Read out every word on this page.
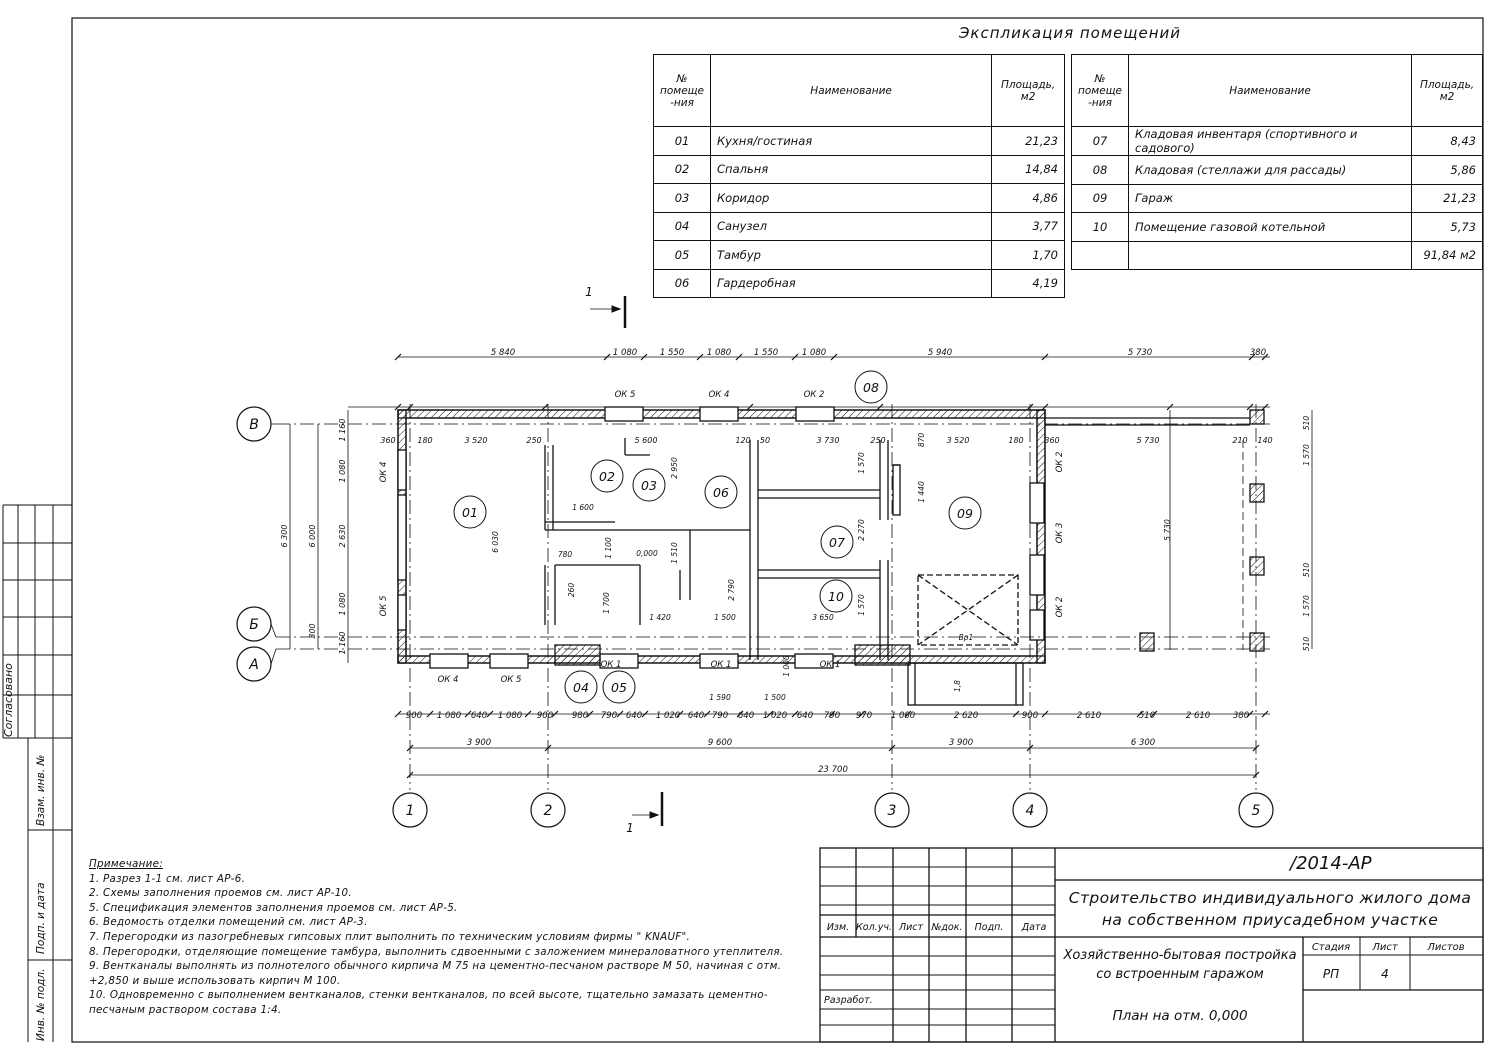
Экспликация помещений
№ помеще -ния	Наименование	Площадь, м2
01	Кухня/гостиная	21,23
02	Спальня	14,84
03	Коридор	4,86
04	Санузел	3,77
05	Тамбур	1,70
06	Гардеробная	4,19
№ помеще -ния	Наименование	Площадь, м2
07	Кладовая инвентаря (спортивного и садового)	8,43
08	Кладовая (стеллажи для рассады)	5,86
09	Гараж	21,23
10	Помещение газовой котельной	5,73
		91,84 м2
В
Б
А
1	2	3	4	5
01
02
03
04 05
06
07
08
09
10
5 840	1 080	1 550	1 080	1 550	1 080	5 940	5 730	380
360	180	3 520	250	5 600	120 50	3 730	250	3 520	180	360	5 730	210 140
ОК 5	ОК 4	ОК 2
ОК 4
ОК 5
ОК 2
ОК 3
ОК 2
ОК 4	ОК 5
ОК 1	ОК 1	ОК 1
900 1 080 640 1 080 900 980 790 640 1 020 640 790 640 1 020 640 790 970 1 080	2 620	900	2 610	510	2 610	380
3 900	9 600	3 900	6 300
23 700
6 300 6 000
1 160
1 080
2 630
1 080
1 160
300
6 030
1 600
1 100
780
260
1 700
1 420	1 500	3 650
1 510
1 590	1 500
0,000
2 950	1 570
1 440
2 270
1 570
2 790
870
1 000
5 730
Вр1
1,8
1
1
510
1 570
510
1 570
510
Согласовано
Взам. инв. №
Подп. и дата
Инв. № подл.
Изм. Кол.уч. Лист №док. Подп. Дата
Разработ.
Стадия Лист	Листов
РП	4
/2014-АР
Строительство индивидуального жилого дома на собственном приусадебном участке
Хозяйственно-бытовая постройка со встроенным гаражом
План на отм. 0,000
Примечание:
1. Разрез 1-1 см. лист АР-6.
2. Схемы заполнения проемов см. лист АР-10.
5. Спецификация элементов заполнения проемов см. лист АР-5.
6. Ведомость отделки помещений см. лист АР-3.
7. Перегородки из пазогребневых гипсовых плит выполнить по техническим условиям фирмы " KNAUF".
8. Перегородки, отделяющие помещение тамбура, выполнить сдвоенными с заложением минераловатного утеплителя.
9. Вентканалы выполнять из полнотелого обычного кирпича М 75 на цементно-песчаном растворе М 50, начиная с отм.
+2,850 и выше использовать кирпич М 100.
10. Одновременно с выполнением вентканалов, стенки вентканалов, по всей высоте, тщательно замазать цементно-
песчаным раствором состава 1:4.
